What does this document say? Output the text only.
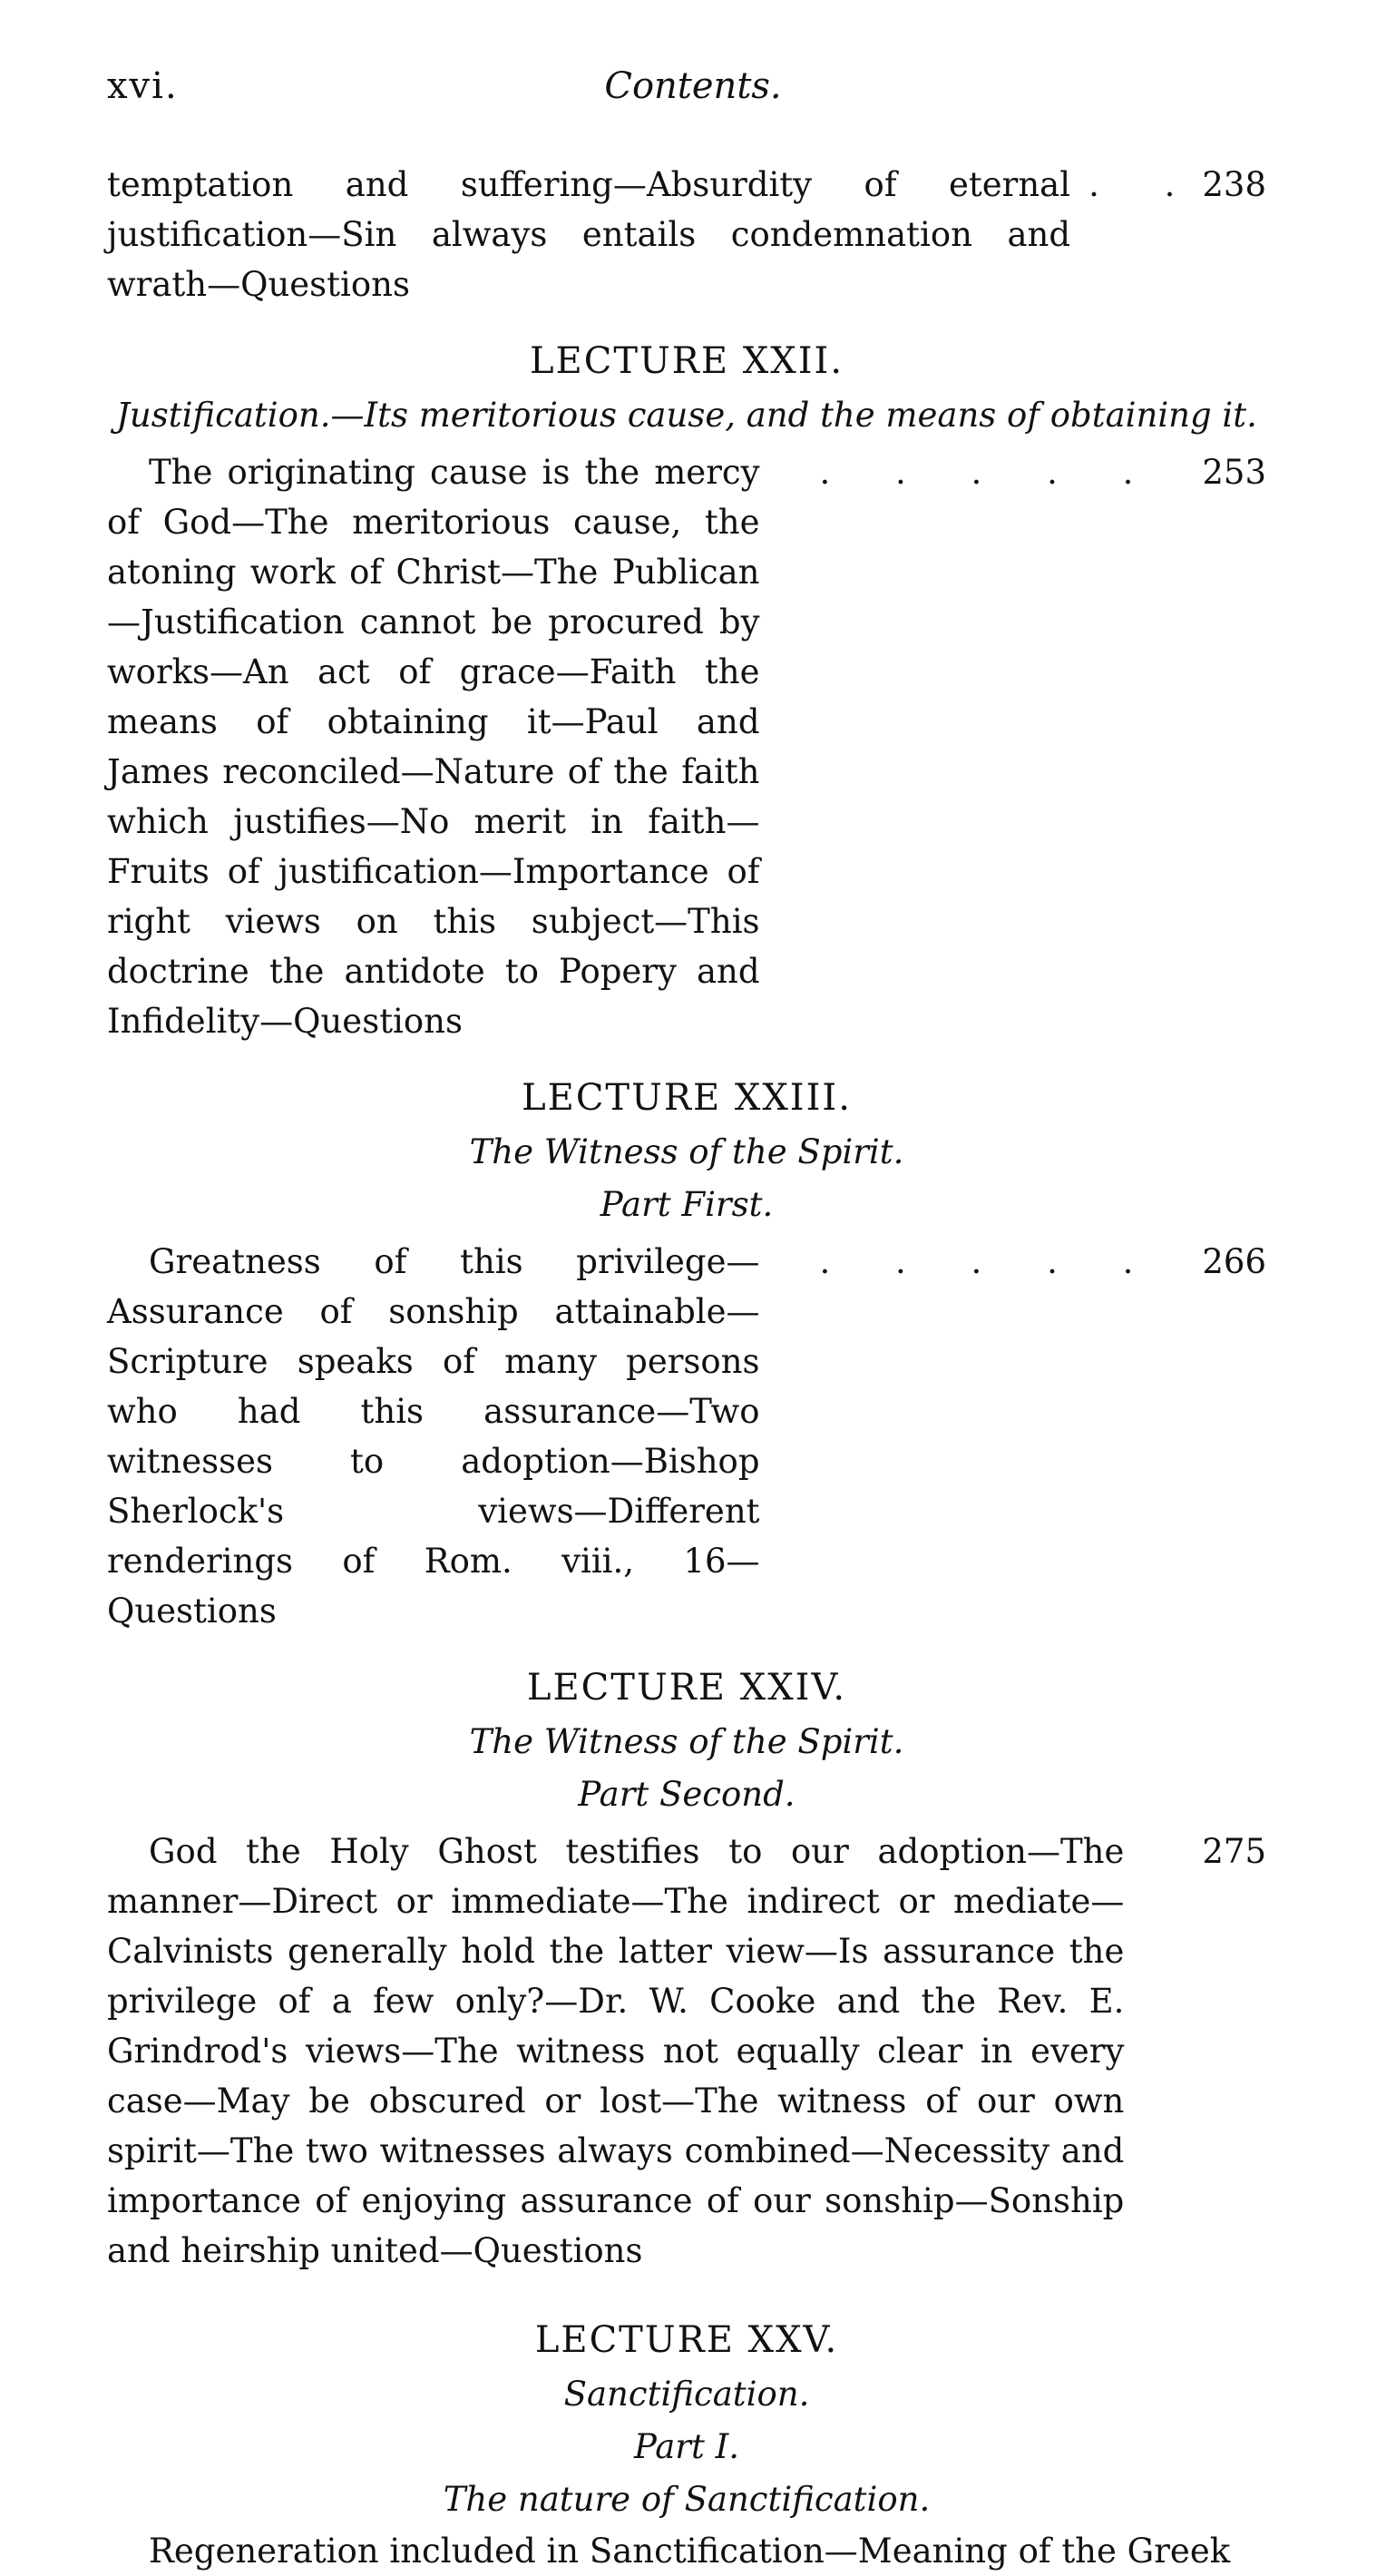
xvi.	Contents.
temptation and suffering—Absurdity of eternal justification—Sin always entails condemnation and wrath—Questions
. . 238
LECTURE XXII.
Justification.—Its meritorious cause, and the means of obtaining it.
The originating cause is the mercy of God—The meritorious cause, the atoning work of Christ—The Publican—Justification cannot be procured by works—An act of grace—Faith the means of obtaining it—Paul and James reconciled—Nature of the faith which justifies—No merit in faith—Fruits of justification—Importance of right views on this subject—This doctrine the antidote to Popery and Infidelity—Questions
. . . . .	253
LECTURE XXIII.
The Witness of the Spirit.
Part First.
Greatness of this privilege—Assurance of sonship attainable—Scripture speaks of many persons who had this assurance—Two witnesses to adoption—Bishop Sherlock's views—Different renderings of Rom. viii., 16—Questions
. . . . .	266
LECTURE XXIV.
The Witness of the Spirit.
Part Second.
God the Holy Ghost testifies to our adoption—The manner—Direct or immediate—The indirect or mediate—Calvinists generally hold the latter view—Is assurance the privilege of a few only?—Dr. W. Cooke and the Rev. E. Grindrod's views—The witness not equally clear in every case—May be obscured or lost—The witness of our own spirit—The two witnesses always combined—Necessity and importance of enjoying assurance of our sonship—Sonship and heirship united—Questions
275
LECTURE XXV.
Sanctification.
Part I.
The nature of Sanctification.
Regeneration included in Sanctification—Meaning of the Greek
